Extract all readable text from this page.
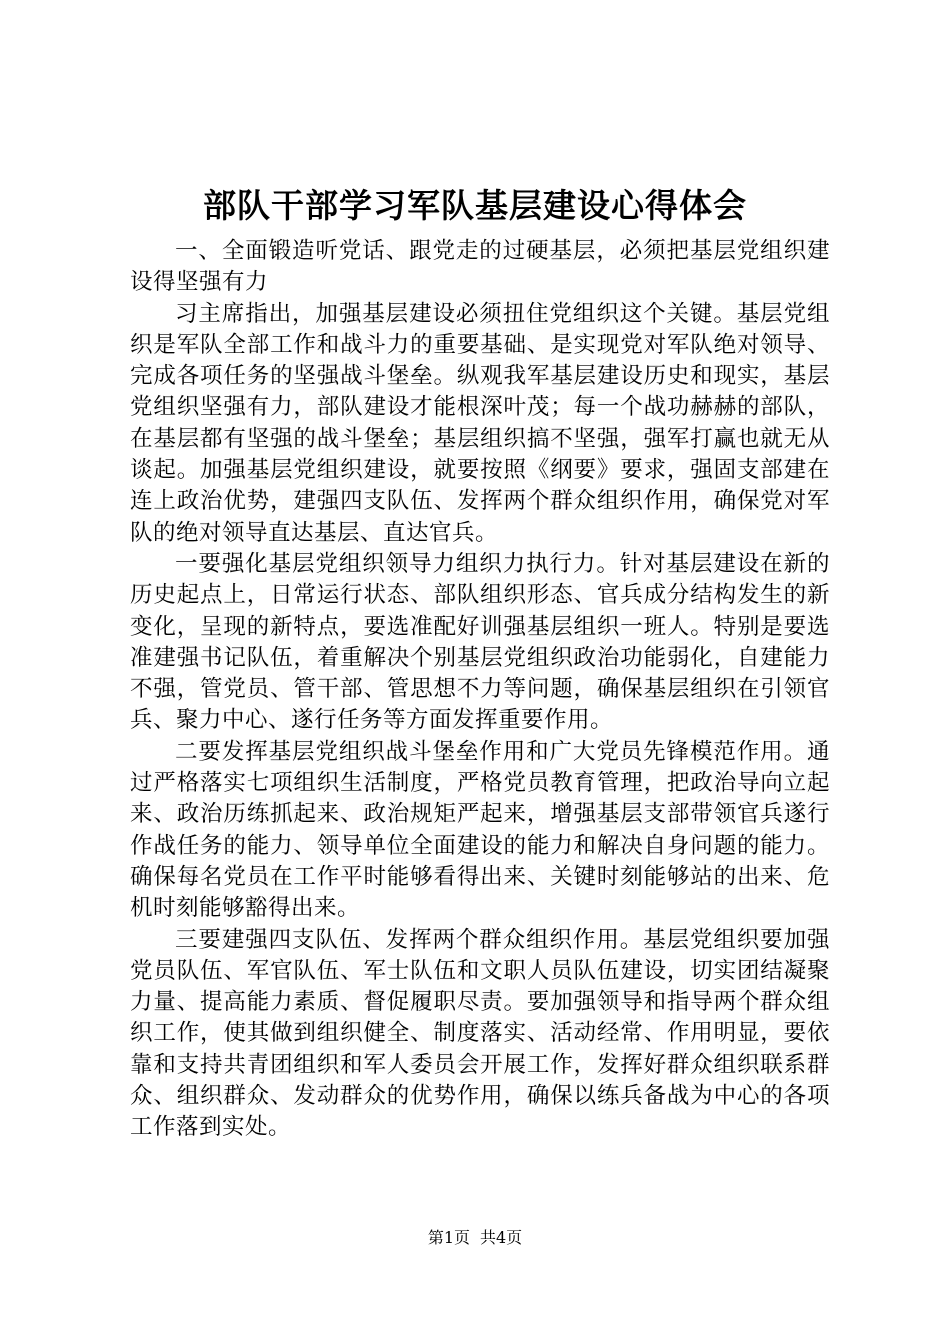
部队干部学习军队基层建设心得体会

一、全面锻造听党话、跟党走的过硬基层，必须把基层党组织建设得坚强有力

习主席指出，加强基层建设必须扭住党组织这个关键。基层党组织是军队全部工作和战斗力的重要基础、是实现党对军队绝对领导、完成各项任务的坚强战斗堡垒。纵观我军基层建设历史和现实，基层党组织坚强有力，部队建设才能根深叶茂；每一个战功赫赫的部队，在基层都有坚强的战斗堡垒；基层组织搞不坚强，强军打赢也就无从谈起。加强基层党组织建设，就要按照《纲要》要求，强固支部建在连上政治优势，建强四支队伍、发挥两个群众组织作用，确保党对军队的绝对领导直达基层、直达官兵。

一要强化基层党组织领导力组织力执行力。针对基层建设在新的历史起点上，日常运行状态、部队组织形态、官兵成分结构发生的新变化，呈现的新特点，要选准配好训强基层组织一班人。特别是要选准建强书记队伍，着重解决个别基层党组织政治功能弱化，自建能力不强，管党员、管干部、管思想不力等问题，确保基层组织在引领官兵、聚力中心、遂行任务等方面发挥重要作用。

二要发挥基层党组织战斗堡垒作用和广大党员先锋模范作用。通过严格落实七项组织生活制度，严格党员教育管理，把政治导向立起来、政治历练抓起来、政治规矩严起来，增强基层支部带领官兵遂行作战任务的能力、领导单位全面建设的能力和解决自身问题的能力。确保每名党员在工作平时能够看得出来、关键时刻能够站的出来、危机时刻能够豁得出来。

三要建强四支队伍、发挥两个群众组织作用。基层党组织要加强党员队伍、军官队伍、军士队伍和文职人员队伍建设，切实团结凝聚力量、提高能力素质、督促履职尽责。要加强领导和指导两个群众组织工作，使其做到组织健全、制度落实、活动经常、作用明显，要依靠和支持共青团组织和军人委员会开展工作，发挥好群众组织联系群众、组织群众、发动群众的优势作用，确保以练兵备战为中心的各项工作落到实处。

第1页 共4页
